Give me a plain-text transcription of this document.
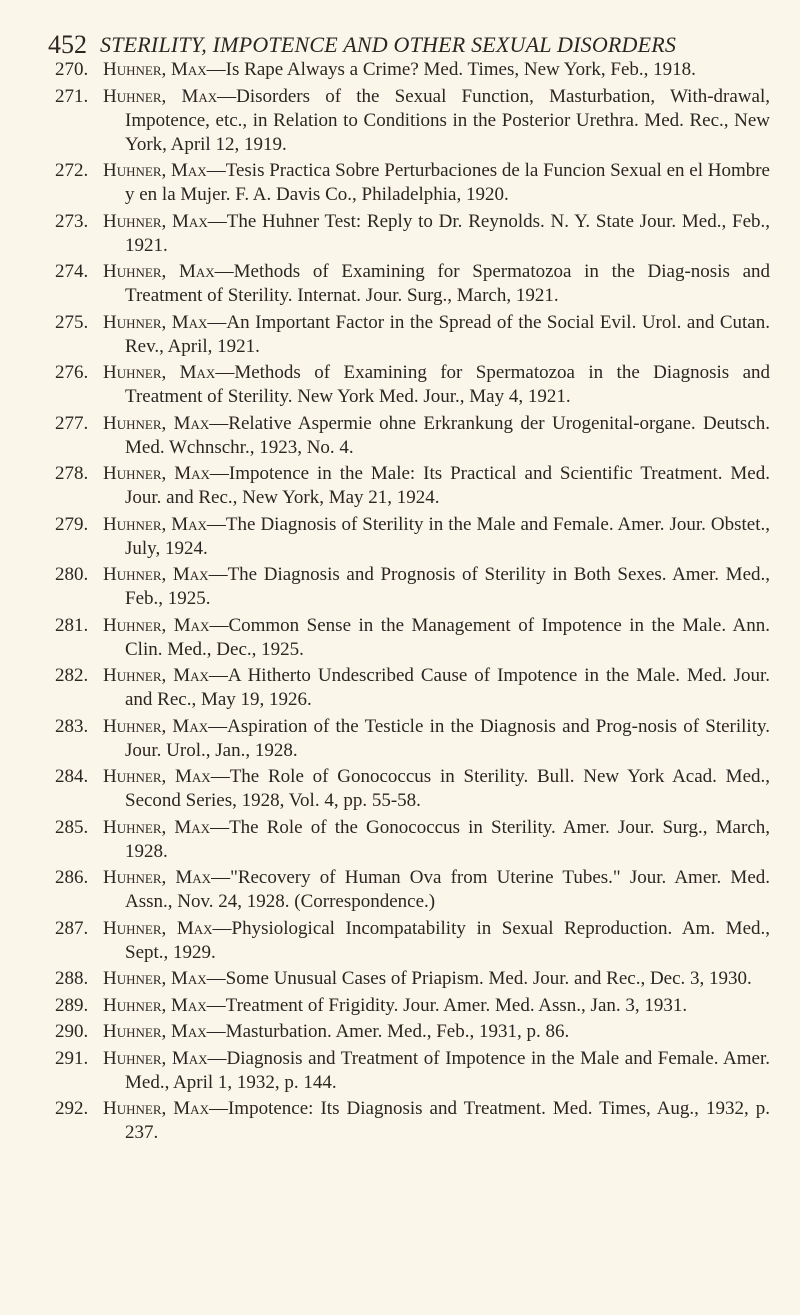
452 STERILITY, IMPOTENCE AND OTHER SEXUAL DISORDERS
270. Huhner, Max—Is Rape Always a Crime? Med. Times, New York, Feb., 1918.
271. Huhner, Max—Disorders of the Sexual Function, Masturbation, With-drawal, Impotence, etc., in Relation to Conditions in the Posterior Urethra. Med. Rec., New York, April 12, 1919.
272. Huhner, Max—Tesis Practica Sobre Perturbaciones de la Funcion Sexual en el Hombre y en la Mujer. F. A. Davis Co., Philadelphia, 1920.
273. Huhner, Max—The Huhner Test: Reply to Dr. Reynolds. N. Y. State Jour. Med., Feb., 1921.
274. Huhner, Max—Methods of Examining for Spermatozoa in the Diag-nosis and Treatment of Sterility. Internat. Jour. Surg., March, 1921.
275. Huhner, Max—An Important Factor in the Spread of the Social Evil. Urol. and Cutan. Rev., April, 1921.
276. Huhner, Max—Methods of Examining for Spermatozoa in the Diagnosis and Treatment of Sterility. New York Med. Jour., May 4, 1921.
277. Huhner, Max—Relative Aspermie ohne Erkrankung der Urogenital-organe. Deutsch. Med. Wchnschr., 1923, No. 4.
278. Huhner, Max—Impotence in the Male: Its Practical and Scientific Treatment. Med. Jour. and Rec., New York, May 21, 1924.
279. Huhner, Max—The Diagnosis of Sterility in the Male and Female. Amer. Jour. Obstet., July, 1924.
280. Huhner, Max—The Diagnosis and Prognosis of Sterility in Both Sexes. Amer. Med., Feb., 1925.
281. Huhner, Max—Common Sense in the Management of Impotence in the Male. Ann. Clin. Med., Dec., 1925.
282. Huhner, Max—A Hitherto Undescribed Cause of Impotence in the Male. Med. Jour. and Rec., May 19, 1926.
283. Huhner, Max—Aspiration of the Testicle in the Diagnosis and Prog-nosis of Sterility. Jour. Urol., Jan., 1928.
284. Huhner, Max—The Role of Gonococcus in Sterility. Bull. New York Acad. Med., Second Series, 1928, Vol. 4, pp. 55-58.
285. Huhner, Max—The Role of the Gonococcus in Sterility. Amer. Jour. Surg., March, 1928.
286. Huhner, Max—"Recovery of Human Ova from Uterine Tubes." Jour. Amer. Med. Assn., Nov. 24, 1928. (Correspondence.)
287. Huhner, Max—Physiological Incompatability in Sexual Reproduction. Am. Med., Sept., 1929.
288. Huhner, Max—Some Unusual Cases of Priapism. Med. Jour. and Rec., Dec. 3, 1930.
289. Huhner, Max—Treatment of Frigidity. Jour. Amer. Med. Assn., Jan. 3, 1931.
290. Huhner, Max—Masturbation. Amer. Med., Feb., 1931, p. 86.
291. Huhner, Max—Diagnosis and Treatment of Impotence in the Male and Female. Amer. Med., April 1, 1932, p. 144.
292. Huhner, Max—Impotence: Its Diagnosis and Treatment. Med. Times, Aug., 1932, p. 237.
